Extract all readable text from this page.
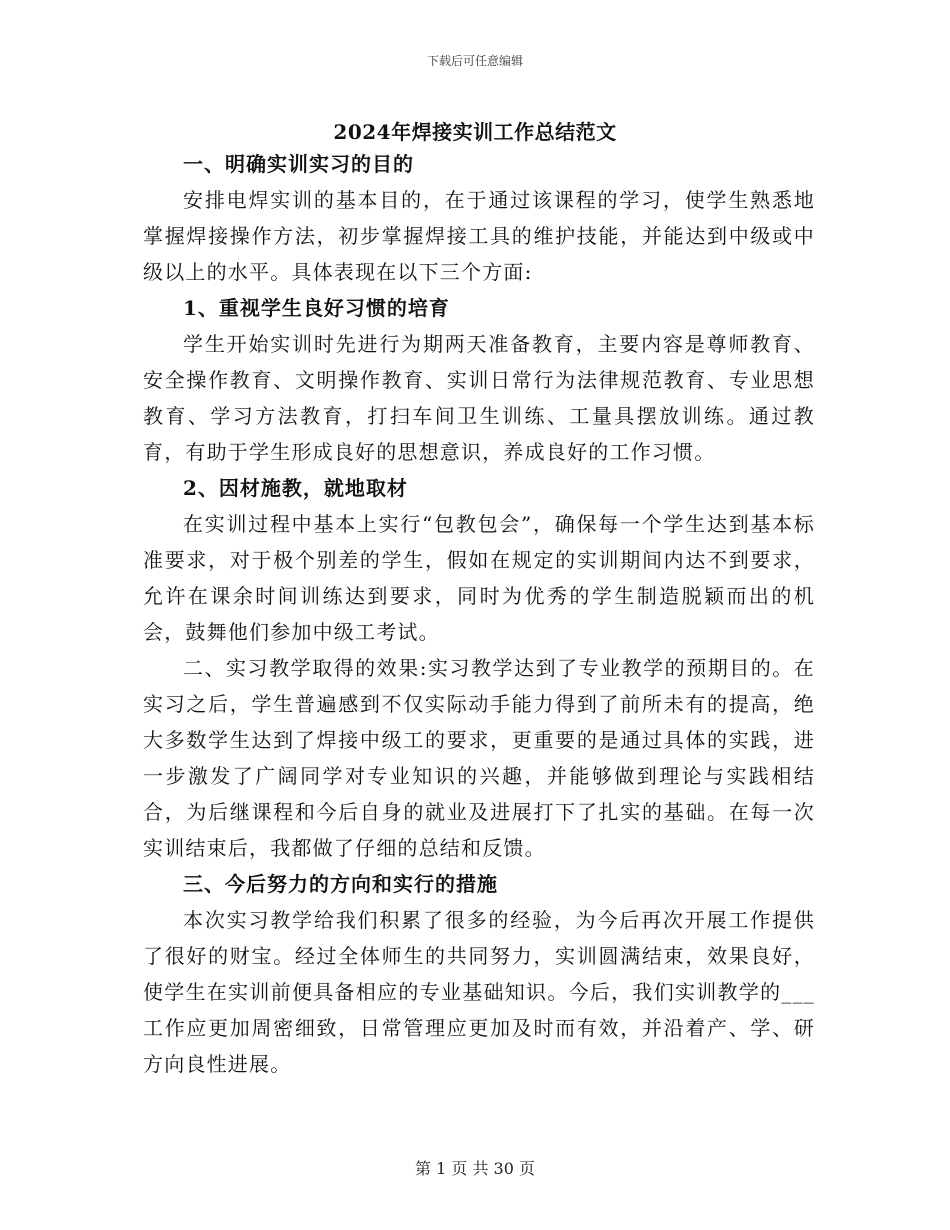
下载后可任意编辑
2024年焊接实训工作总结范文
一、明确实训实习的目的

安排电焊实训的基本目的，在于通过该课程的学习，使学生熟悉地掌握焊接操作方法，初步掌握焊接工具的维护技能，并能达到中级或中级以上的水平。具体表现在以下三个方面:

1、重视学生良好习惯的培育

学生开始实训时先进行为期两天准备教育，主要内容是尊师教育、安全操作教育、文明操作教育、实训日常行为法律规范教育、专业思想教育、学习方法教育，打扫车间卫生训练、工量具摆放训练。通过教育，有助于学生形成良好的思想意识，养成良好的工作习惯。

2、因材施教，就地取材

在实训过程中基本上实行“包教包会”，确保每一个学生达到基本标准要求，对于极个别差的学生，假如在规定的实训期间内达不到要求，允许在课余时间训练达到要求，同时为优秀的学生制造脱颖而出的机会，鼓舞他们参加中级工考试。

二、实习教学取得的效果:实习教学达到了专业教学的预期目的。在实习之后，学生普遍感到不仅实际动手能力得到了前所未有的提高，绝大多数学生达到了焊接中级工的要求，更重要的是通过具体的实践，进一步激发了广阔同学对专业知识的兴趣，并能够做到理论与实践相结合，为后继课程和今后自身的就业及进展打下了扎实的基础。在每一次实训结束后，我都做了仔细的总结和反馈。

三、今后努力的方向和实行的措施

本次实习教学给我们积累了很多的经验，为今后再次开展工作提供了很好的财宝。经过全体师生的共同努力，实训圆满结束，效果良好，使学生在实训前便具备相应的专业基础知识。今后，我们实训教学的___工作应更加周密细致，日常管理应更加及时而有效，并沿着产、学、研方向良性进展。

第 1 页 共 30 页
